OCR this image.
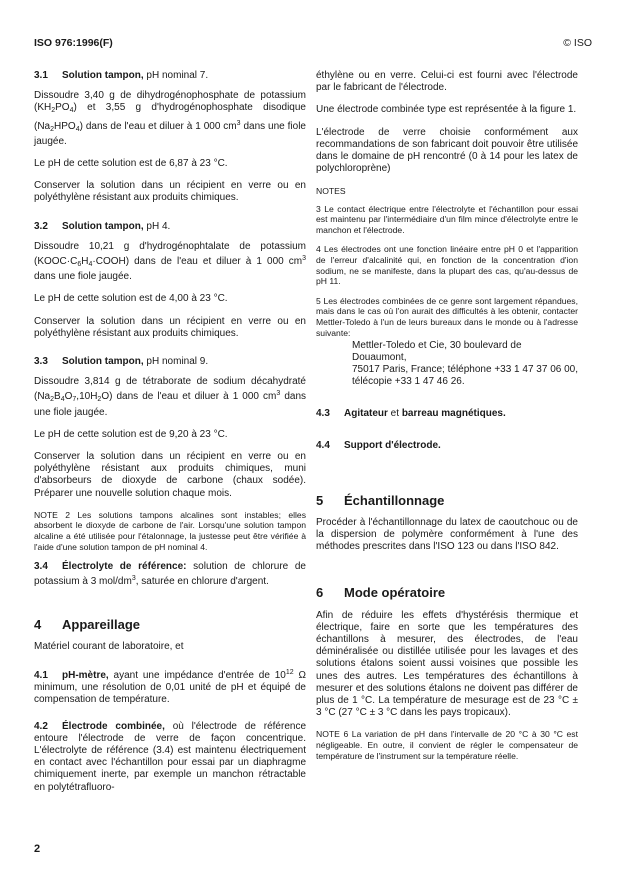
ISO 976:1996(F)	© ISO
3.1 Solution tampon, pH nominal 7.

Dissoudre 3,40 g de dihydrogénophosphate de potassium $(KH_2PO_4)$ et 3,55 g d'hydrogénophosphate disodique $(Na_2HPO_4)$ dans de l'eau et diluer à 1 000 $cm^3$ dans une fiole jaugée.

Le pH de cette solution est de 6,87 à 23 °C.

Conserver la solution dans un récipient en verre ou en polyéthylène résistant aux produits chimiques.

3.2 Solution tampon, pH 4.

Dissoudre 10,21 g d'hydrogénophtalate de potassium $(KOOC\cdot C_6H_4\cdot COOH)$ dans de l'eau et diluer à 1 000 $cm^3$ dans une fiole jaugée.

Le pH de cette solution est de 4,00 à 23 °C.

Conserver la solution dans un récipient en verre ou en polyéthylène résistant aux produits chimiques.

3.3 Solution tampon, pH nominal 9.

Dissoudre 3,814 g de tétraborate de sodium décahydraté $(Na_2B_4O_7,10H_2O)$ dans de l'eau et diluer à 1 000 $cm^3$ dans une fiole jaugée.

Le pH de cette solution est de 9,20 à 23 °C.

Conserver la solution dans un récipient en verre ou en polyéthylène résistant aux produits chimiques, muni d'absorbeurs de dioxyde de carbone (chaux sodée). Préparer une nouvelle solution chaque mois.

NOTE 2 Les solutions tampons alcalines sont instables; elles absorbent le dioxyde de carbone de l'air. Lorsqu'une solution tampon alcaline a été utilisée pour l'étalonnage, la justesse peut être vérifiée à l'aide d'une solution tampon de pH nominal 4.

3.4 Électrolyte de référence: solution de chlorure de potassium à 3 mol/$dm^3$, saturée en chlorure d'argent.

4 Appareillage

Matériel courant de laboratoire, et

4.1 pH-mètre, ayant une impédance d'entrée de $10^{12}$ Ω minimum, une résolution de 0,01 unité de pH et équipé de compensation de température.

4.2 Électrode combinée, où l'électrode de référence entoure l'électrode de verre de façon concentrique. L'électrolyte de référence (3.4) est maintenu électriquement en contact avec l'échantillon pour essai par un diaphragme chimiquement inerte, par exemple un manchon rétractable en polytétrafluoro-

éthylène ou en verre. Celui-ci est fourni avec l'électrode par le fabricant de l'électrode.

Une électrode combinée type est représentée à la figure 1.

L'électrode de verre choisie conformément aux recommandations de son fabricant doit pouvoir être utilisée dans le domaine de pH rencontré (0 à 14 pour les latex de polychloroprène)

NOTES

3 Le contact électrique entre l'électrolyte et l'échantillon pour essai est maintenu par l'intermédiaire d'un film mince d'électrolyte entre le manchon et l'électrode.

4 Les électrodes ont une fonction linéaire entre pH 0 et l'apparition de l'erreur d'alcalinité qui, en fonction de la concentration d'ion sodium, ne se manifeste, dans la plupart des cas, qu'au-dessus de pH 11.

5 Les électrodes combinées de ce genre sont largement répandues, mais dans le cas où l'on aurait des difficultés à les obtenir, contacter Mettler-Toledo à l'un de leurs bureaux dans le monde ou à l'adresse suivante:

Mettler-Toledo et Cie, 30 boulevard de Douaumont,

75017 Paris, France; téléphone +33 1 47 37 06 00,

télécopie +33 1 47 46 26.

4.3 Agitateur et barreau magnétiques.

4.4 Support d'électrode.

5 Échantillonnage

Procéder à l'échantillonnage du latex de caoutchouc ou de la dispersion de polymère conformément à l'une des méthodes prescrites dans l'ISO 123 ou dans l'ISO 842.

6 Mode opératoire

Afin de réduire les effets d'hystérésis thermique et électrique, faire en sorte que les températures des échantillons à mesurer, des électrodes, de l'eau déminéralisée ou distillée utilisée pour les lavages et des solutions étalons soient aussi voisines que possible les unes des autres. Les températures des échantillons à mesurer et des solutions étalons ne doivent pas différer de plus de 1 °C. La température de mesurage est de 23 °C ± 3 °C (27 °C ± 3 °C dans les pays tropicaux).

NOTE 6 La variation de pH dans l'intervalle de 20 °C à 30 °C est négligeable. En outre, il convient de régler le compensateur de température de l'instrument sur la température réelle.

2
